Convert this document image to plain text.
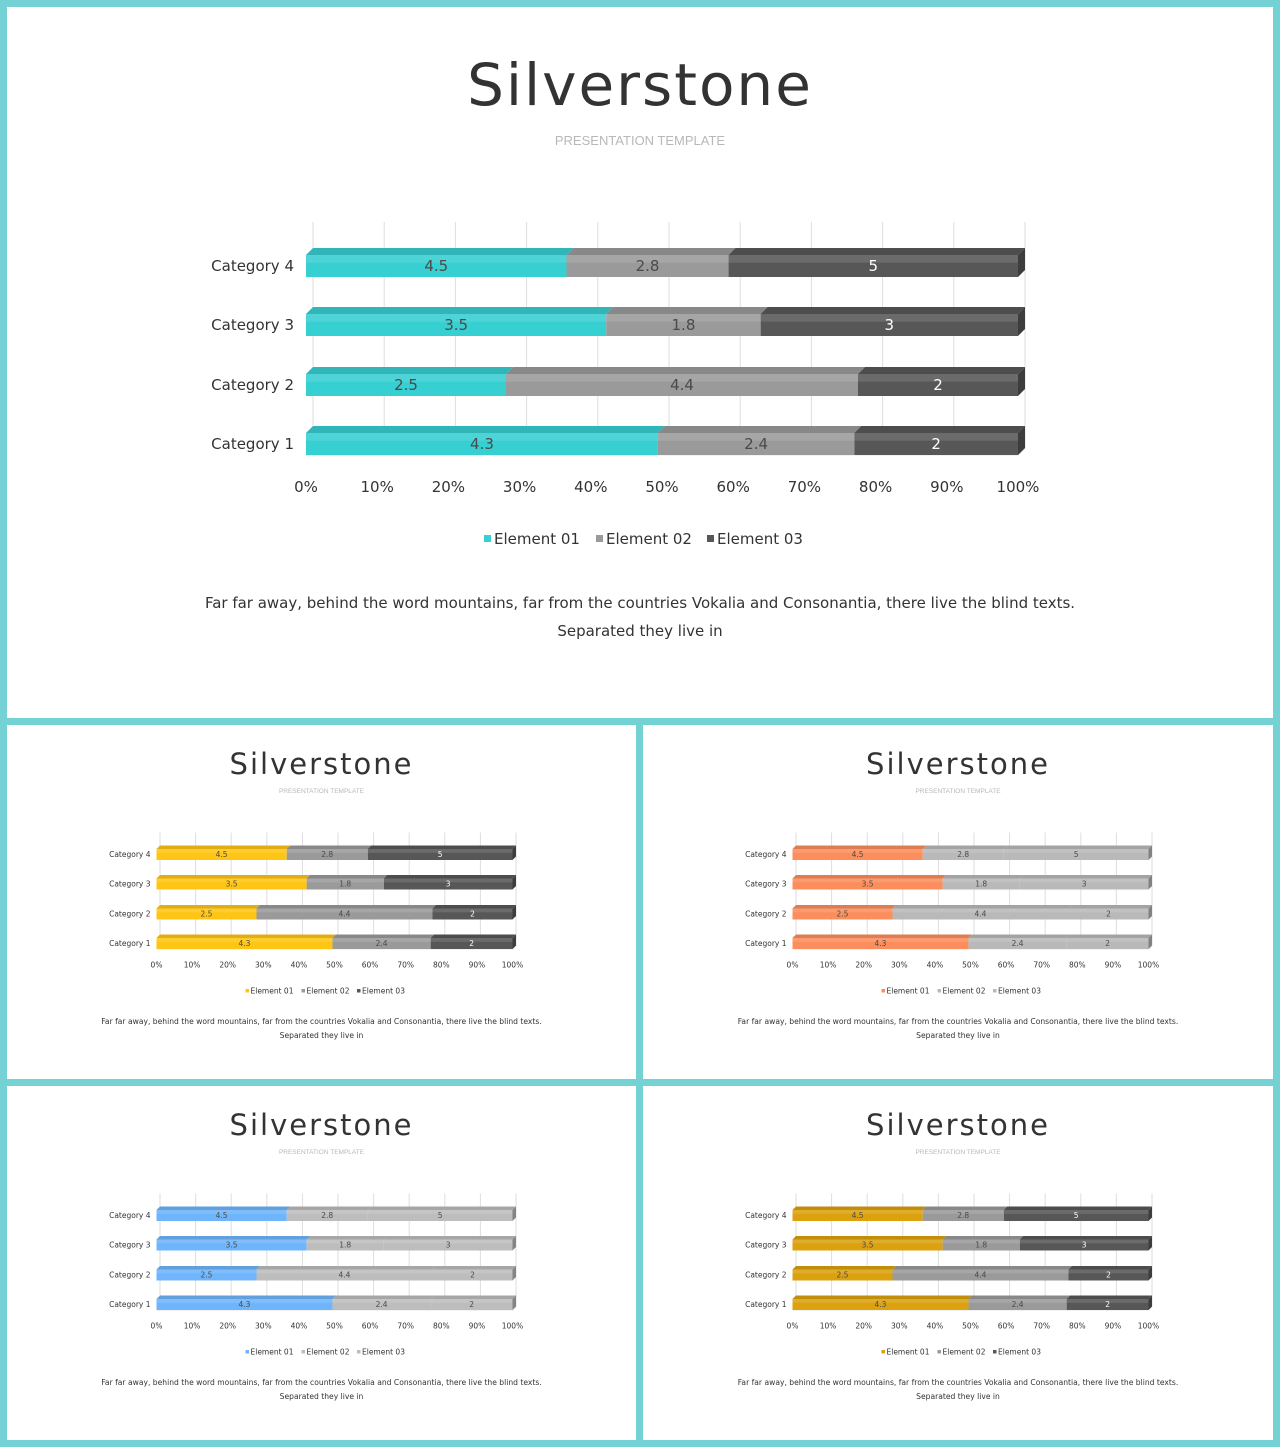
Silverstone
PRESENTATION TEMPLATE
0%	10%	20%	30%	40%	50%	60%	70%	80%	90% 100%
Category 1	4.3	2.4	2
Category 2	2.5	4.4	2
Category 3	3.5	1.8	3
Category 4	4.5	2.8	5
Element 01 Element 02 Element 03
Far far away, behind the word mountains, far from the countries Vokalia and Consonantia, there live the blind texts.
Separated they live in
Silverstone
PRESENTATION TEMPLATE
0%	10%	20%	30%	40%	50%	60%	70%	80%	90% 100%
Category 1	4.3	2.4	2
Category 2	2.5	4.4	2
Category 3	3.5	1.8	3
Category 4	4.5	2.8	5
Element 01 Element 02 Element 03
Far far away, behind the word mountains, far from the countries Vokalia and Consonantia, there live the blind texts.
Separated they live in
Silverstone
PRESENTATION TEMPLATE
0%	10%	20%	30%	40%	50%	60%	70%	80%	90% 100%
Category 1	4.3	2.4	2
Category 2	2.5	4.4	2
Category 3	3.5	1.8	3
Category 4	4.5	2.8	5
Element 01 Element 02 Element 03
Far far away, behind the word mountains, far from the countries Vokalia and Consonantia, there live the blind texts.
Separated they live in
Silverstone
PRESENTATION TEMPLATE
0%	10%	20%	30%	40%	50%	60%	70%	80%	90% 100%
Category 1	4.3	2.4	2
Category 2	2.5	4.4	2
Category 3	3.5	1.8	3
Category 4	4.5	2.8	5
Element 01 Element 02 Element 03
Far far away, behind the word mountains, far from the countries Vokalia and Consonantia, there live the blind texts.
Separated they live in
Silverstone
PRESENTATION TEMPLATE
0%	10%	20%	30%	40%	50%	60%	70%	80%	90% 100%
Category 1	4.3	2.4	2
Category 2	2.5	4.4	2
Category 3	3.5	1.8	3
Category 4	4.5	2.8	5
Element 01 Element 02 Element 03
Far far away, behind the word mountains, far from the countries Vokalia and Consonantia, there live the blind texts.
Separated they live in
